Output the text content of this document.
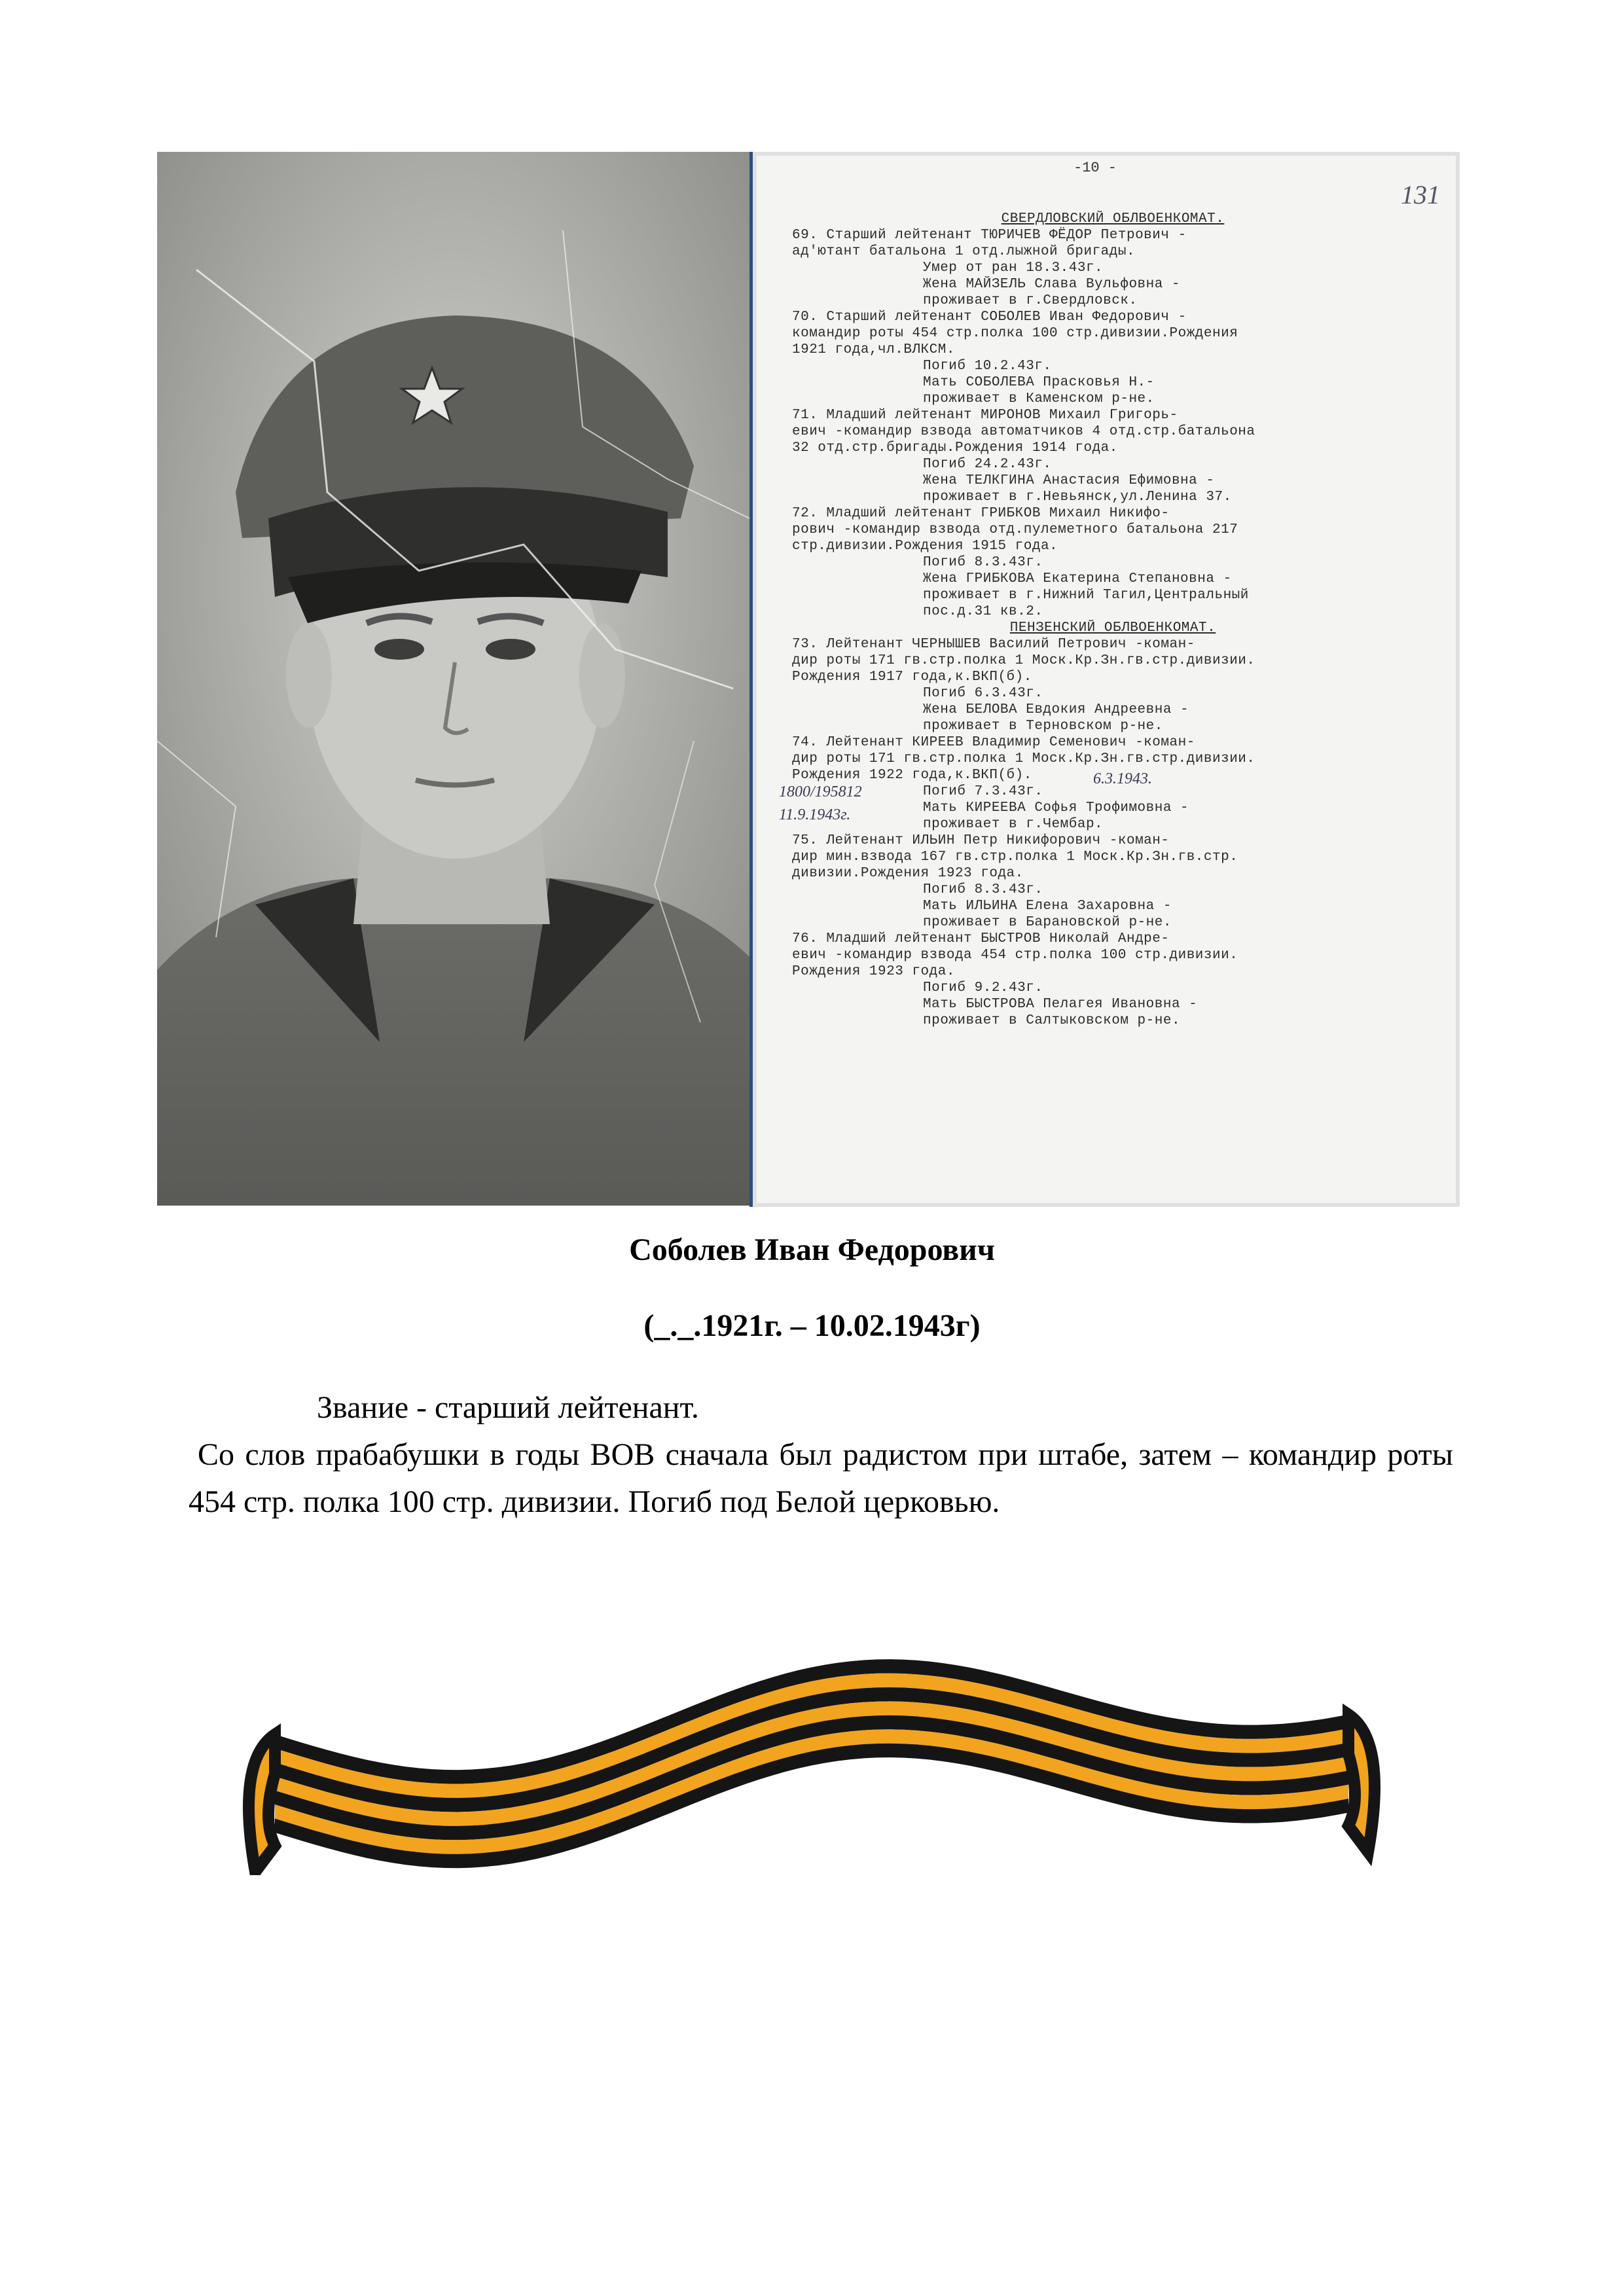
-10 -
131
СВЕРДЛОВСКИЙ ОБЛВОЕНКОМАТ.
69. Старший лейтенант ТЮРИЧЕВ ФЁДОР Петрович -
ад'ютант батальона 1 отд.лыжной бригады.
Умер от ран 18.3.43г.
Жена МАЙЗЕЛЬ Слава Вульфовна -
проживает в г.Свердловск.
70. Старший лейтенант СОБОЛЕВ Иван Федорович -
командир роты 454 стр.полка 100 стр.дивизии.Рождения
1921 года,чл.ВЛКСМ.
Погиб 10.2.43г.
Мать СОБОЛЕВА Прасковья Н.-
проживает в Каменском р-не.
71. Младший лейтенант МИРОНОВ Михаил Григорь-
евич -командир взвода автоматчиков 4 отд.стр.батальона
32 отд.стр.бригады.Рождения 1914 года.
Погиб 24.2.43г.
Жена ТЕЛКГИНА Анастасия Ефимовна -
проживает в г.Невьянск,ул.Ленина 37.
72. Младший лейтенант ГРИБКОВ Михаил Никифо-
рович -командир взвода отд.пулеметного батальона 217
стр.дивизии.Рождения 1915 года.
Погиб 8.3.43г.
Жена ГРИБКОВА Екатерина Степановна -
проживает в г.Нижний Тагил,Центральный
пос.д.31 кв.2.
ПЕНЗЕНСКИЙ ОБЛВОЕНКОМАТ.
73. Лейтенант ЧЕРНЫШЕВ Василий Петрович -коман-
дир роты 171 гв.стр.полка 1 Моск.Кр.Зн.гв.стр.дивизии.
Рождения 1917 года,к.ВКП(б).
Погиб 6.3.43г.
Жена БЕЛОВА Евдокия Андреевна -
проживает в Терновском р-не.
74. Лейтенант КИРЕЕВ Владимир Семенович -коман-
дир роты 171 гв.стр.полка 1 Моск.Кр.Зн.гв.стр.дивизии.
Рождения 1922 года,к.ВКП(б).
Погиб 7.3.43г.
Мать КИРЕЕВА Софья Трофимовна -
проживает в г.Чембар.
75. Лейтенант ИЛЬИН Петр Никифорович -коман-
дир мин.взвода 167 гв.стр.полка 1 Моск.Кр.Зн.гв.стр.
дивизии.Рождения 1923 года.
Погиб 8.3.43г.
Мать ИЛЬИНА Елена Захаровна -
проживает в Барановской р-не.
76. Младший лейтенант БЫСТРОВ Николай Андре-
евич -командир взвода 454 стр.полка 100 стр.дивизии.
Рождения 1923 года.
Погиб 9.2.43г.
Мать БЫСТРОВА Пелагея Ивановна -
проживает в Салтыковском р-не.
1800/195812
11.9.1943г.
6.3.1943.
Соболев Иван Федорович
(_._.1921г. – 10.02.1943г)

Звание - старший лейтенант.

Со слов прабабушки в годы ВОВ сначала был радистом при штабе, затем – командир роты 454 стр. полка 100 стр. дивизии. Погиб под Белой церковью.
